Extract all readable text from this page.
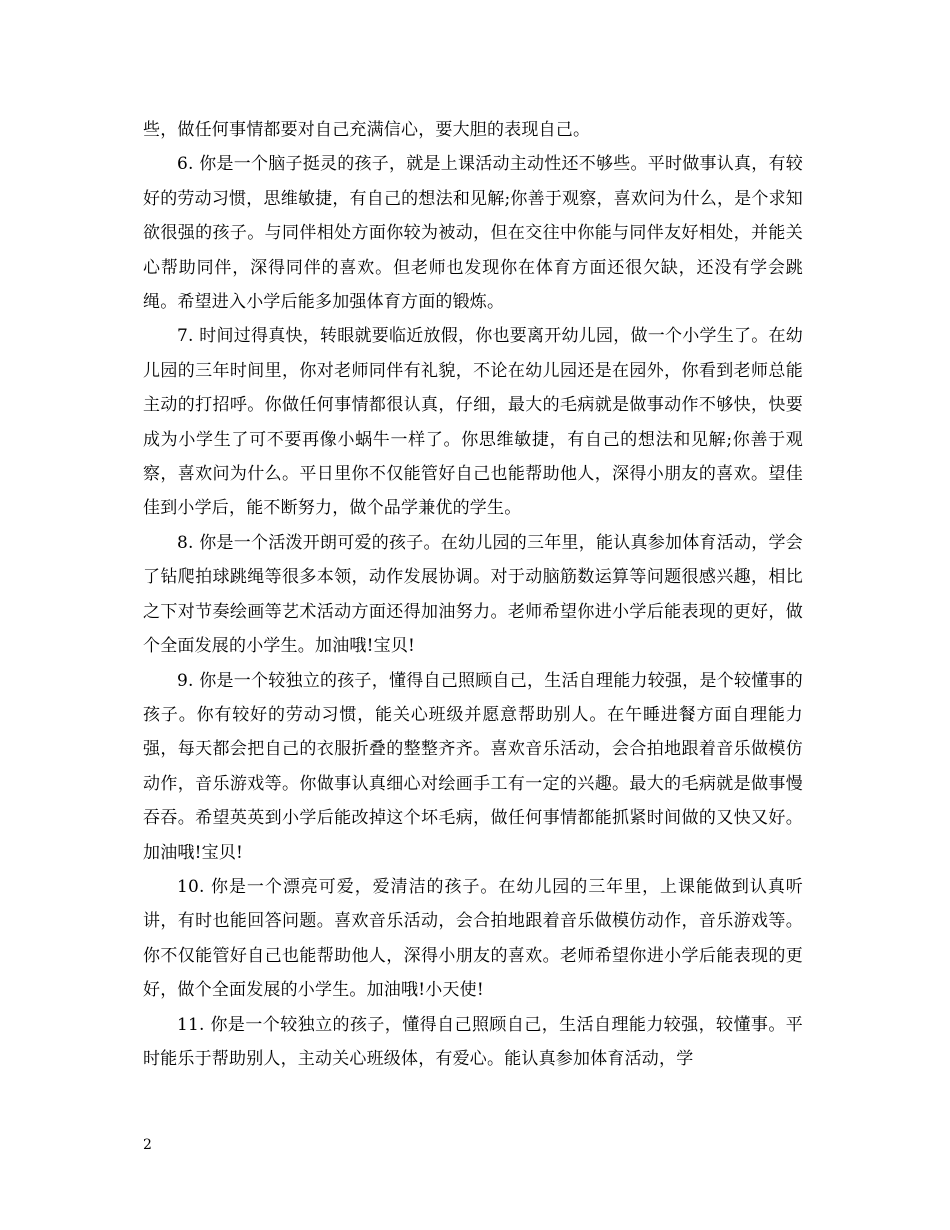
些，做任何事情都要对自己充满信心，要大胆的表现自己。

6. 你是一个脑子挺灵的孩子，就是上课活动主动性还不够些。平时做事认真，有较好的劳动习惯，思维敏捷，有自己的想法和见解;你善于观察，喜欢问为什么，是个求知欲很强的孩子。与同伴相处方面你较为被动，但在交往中你能与同伴友好相处，并能关心帮助同伴，深得同伴的喜欢。但老师也发现你在体育方面还很欠缺，还没有学会跳绳。希望进入小学后能多加强体育方面的锻炼。

7. 时间过得真快，转眼就要临近放假，你也要离开幼儿园，做一个小学生了。在幼儿园的三年时间里，你对老师同伴有礼貌，不论在幼儿园还是在园外，你看到老师总能主动的打招呼。你做任何事情都很认真，仔细，最大的毛病就是做事动作不够快，快要成为小学生了可不要再像小蜗牛一样了。你思维敏捷，有自己的想法和见解;你善于观察，喜欢问为什么。平日里你不仅能管好自己也能帮助他人，深得小朋友的喜欢。望佳佳到小学后，能不断努力，做个品学兼优的学生。

8. 你是一个活泼开朗可爱的孩子。在幼儿园的三年里，能认真参加体育活动，学会了钻爬拍球跳绳等很多本领，动作发展协调。对于动脑筋数运算等问题很感兴趣，相比之下对节奏绘画等艺术活动方面还得加油努力。老师希望你进小学后能表现的更好，做个全面发展的小学生。加油哦!宝贝!

9. 你是一个较独立的孩子，懂得自己照顾自己，生活自理能力较强，是个较懂事的孩子。你有较好的劳动习惯，能关心班级并愿意帮助别人。在午睡进餐方面自理能力强，每天都会把自己的衣服折叠的整整齐齐。喜欢音乐活动，会合拍地跟着音乐做模仿动作，音乐游戏等。你做事认真细心对绘画手工有一定的兴趣。最大的毛病就是做事慢吞吞。希望英英到小学后能改掉这个坏毛病，做任何事情都能抓紧时间做的又快又好。加油哦!宝贝!

10. 你是一个漂亮可爱，爱清洁的孩子。在幼儿园的三年里，上课能做到认真听讲，有时也能回答问题。喜欢音乐活动，会合拍地跟着音乐做模仿动作，音乐游戏等。你不仅能管好自己也能帮助他人，深得小朋友的喜欢。老师希望你进小学后能表现的更好，做个全面发展的小学生。加油哦!小天使!

11. 你是一个较独立的孩子，懂得自己照顾自己，生活自理能力较强，较懂事。平时能乐于帮助别人，主动关心班级体，有爱心。能认真参加体育活动，学

2
